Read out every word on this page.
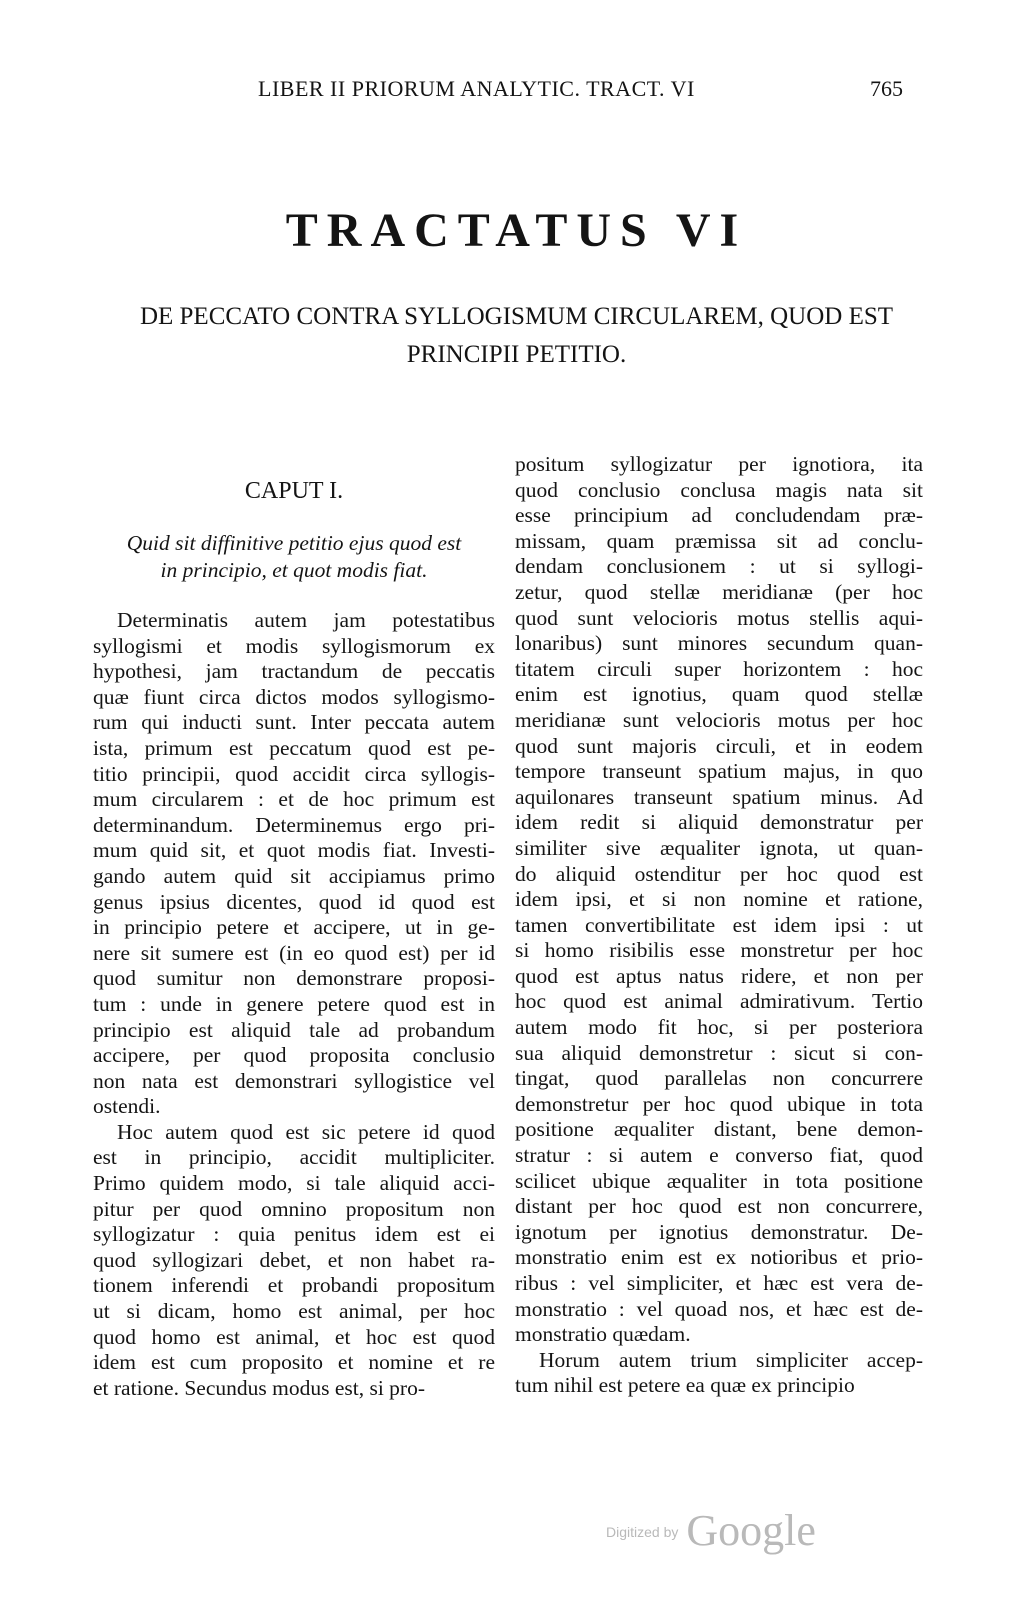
LIBER II PRIORUM ANALYTIC. TRACT. VI	765
TRACTATUS VI
DE PECCATO CONTRA SYLLOGISMUM CIRCULAREM, QUOD EST PRINCIPII PETITIO.
CAPUT I.
Quid sit diffinitive petitio ejus quod est
in principio, et quot modis fiat.
Determinatis autem jam potestatibus
syllogismi et modis syllogismorum ex
hypothesi, jam tractandum de peccatis
quæ fiunt circa dictos modos syllogismo-
rum qui inducti sunt. Inter peccata autem
ista, primum est peccatum quod est pe-
titio principii, quod accidit circa syllogis-
mum circularem : et de hoc primum est
determinandum. Determinemus ergo pri-
mum quid sit, et quot modis fiat. Investi-
gando autem quid sit accipiamus primo
genus ipsius dicentes, quod id quod est
in principio petere et accipere, ut in ge-
nere sit sumere est (in eo quod est) per id
quod sumitur non demonstrare proposi-
tum : unde in genere petere quod est in
principio est aliquid tale ad probandum
accipere, per quod proposita conclusio
non nata est demonstrari syllogistice vel
ostendi.
Hoc autem quod est sic petere id quod
est in principio, accidit multipliciter.
Primo quidem modo, si tale aliquid acci-
pitur per quod omnino propositum non
syllogizatur : quia penitus idem est ei
quod syllogizari debet, et non habet ra-
tionem inferendi et probandi propositum
ut si dicam, homo est animal, per hoc
quod homo est animal, et hoc est quod
idem est cum proposito et nomine et re
et ratione. Secundus modus est, si pro-
positum syllogizatur per ignotiora, ita
quod conclusio conclusa magis nata sit
esse principium ad concludendam præ-
missam, quam præmissa sit ad conclu-
dendam conclusionem : ut si syllogi-
zetur, quod stellæ meridianæ (per hoc
quod sunt velocioris motus stellis aqui-
lonaribus) sunt minores secundum quan-
titatem circuli super horizontem : hoc
enim est ignotius, quam quod stellæ
meridianæ sunt velocioris motus per hoc
quod sunt majoris circuli, et in eodem
tempore transeunt spatium majus, in quo
aquilonares transeunt spatium minus. Ad
idem redit si aliquid demonstratur per
similiter sive æqualiter ignota, ut quan-
do aliquid ostenditur per hoc quod est
idem ipsi, et si non nomine et ratione,
tamen convertibilitate est idem ipsi : ut
si homo risibilis esse monstretur per hoc
quod est aptus natus ridere, et non per
hoc quod est animal admirativum. Tertio
autem modo fit hoc, si per posteriora
sua aliquid demonstretur : sicut si con-
tingat, quod parallelas non concurrere
demonstretur per hoc quod ubique in tota
positione æqualiter distant, bene demon-
stratur : si autem e converso fiat, quod
scilicet ubique æqualiter in tota positione
distant per hoc quod est non concurrere,
ignotum per ignotius demonstratur. De-
monstratio enim est ex notioribus et prio-
ribus : vel simpliciter, et hæc est vera de-
monstratio : vel quoad nos, et hæc est de-
monstratio quædam.
Horum autem trium simpliciter accep-
tum nihil est petere ea quæ ex principio
Digitized by Google
